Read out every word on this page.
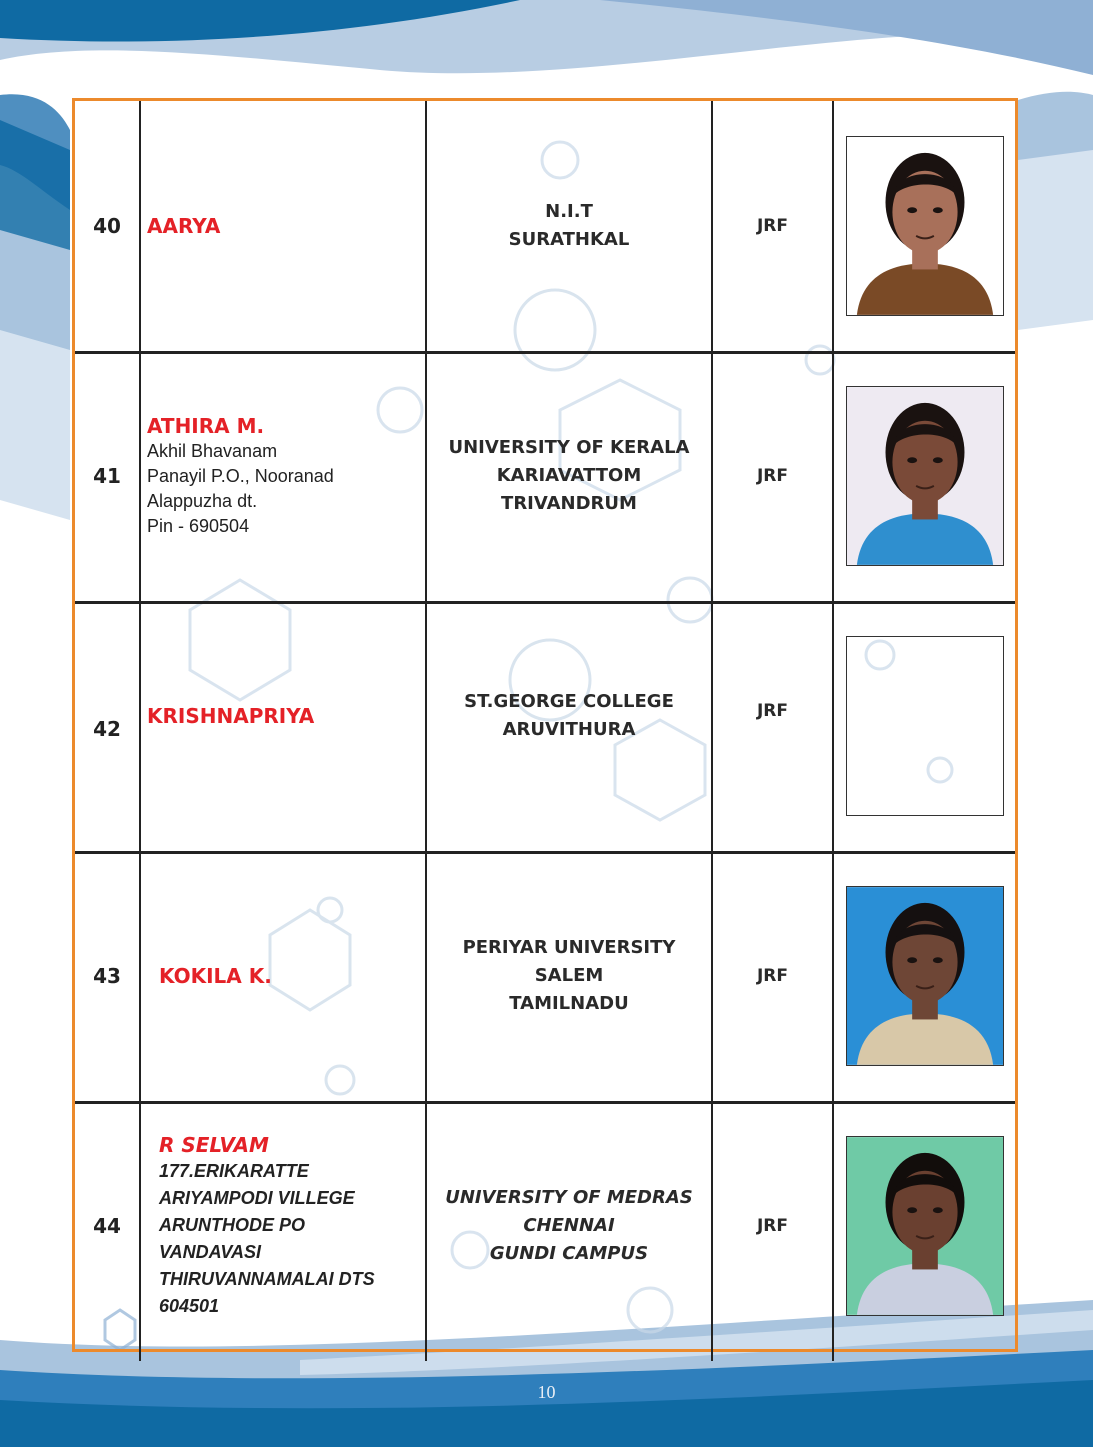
40 AARYA
N.I.T
SURATHKAL
JRF
41
ATHIRA M.
Akhil Bhavanam
Panayil P.O., Nooranad
Alappuzha dt.
Pin - 690504
UNIVERSITY OF KERALA
KARIAVATTOM
TRIVANDRUM
JRF
42
KRISHNAPRIYA
ST.GEORGE COLLEGE
ARUVITHURA
JRF
43 KOKILA K.
PERIYAR UNIVERSITY
SALEM
TAMILNADU
JRF
44
R SELVAM
177.ERIKARATTE
ARIYAMPODI VILLEGE
ARUNTHODE PO
VANDAVASI
THIRUVANNAMALAI DTS
604501
UNIVERSITY OF MEDRAS
CHENNAI
GUNDI CAMPUS
JRF
10
